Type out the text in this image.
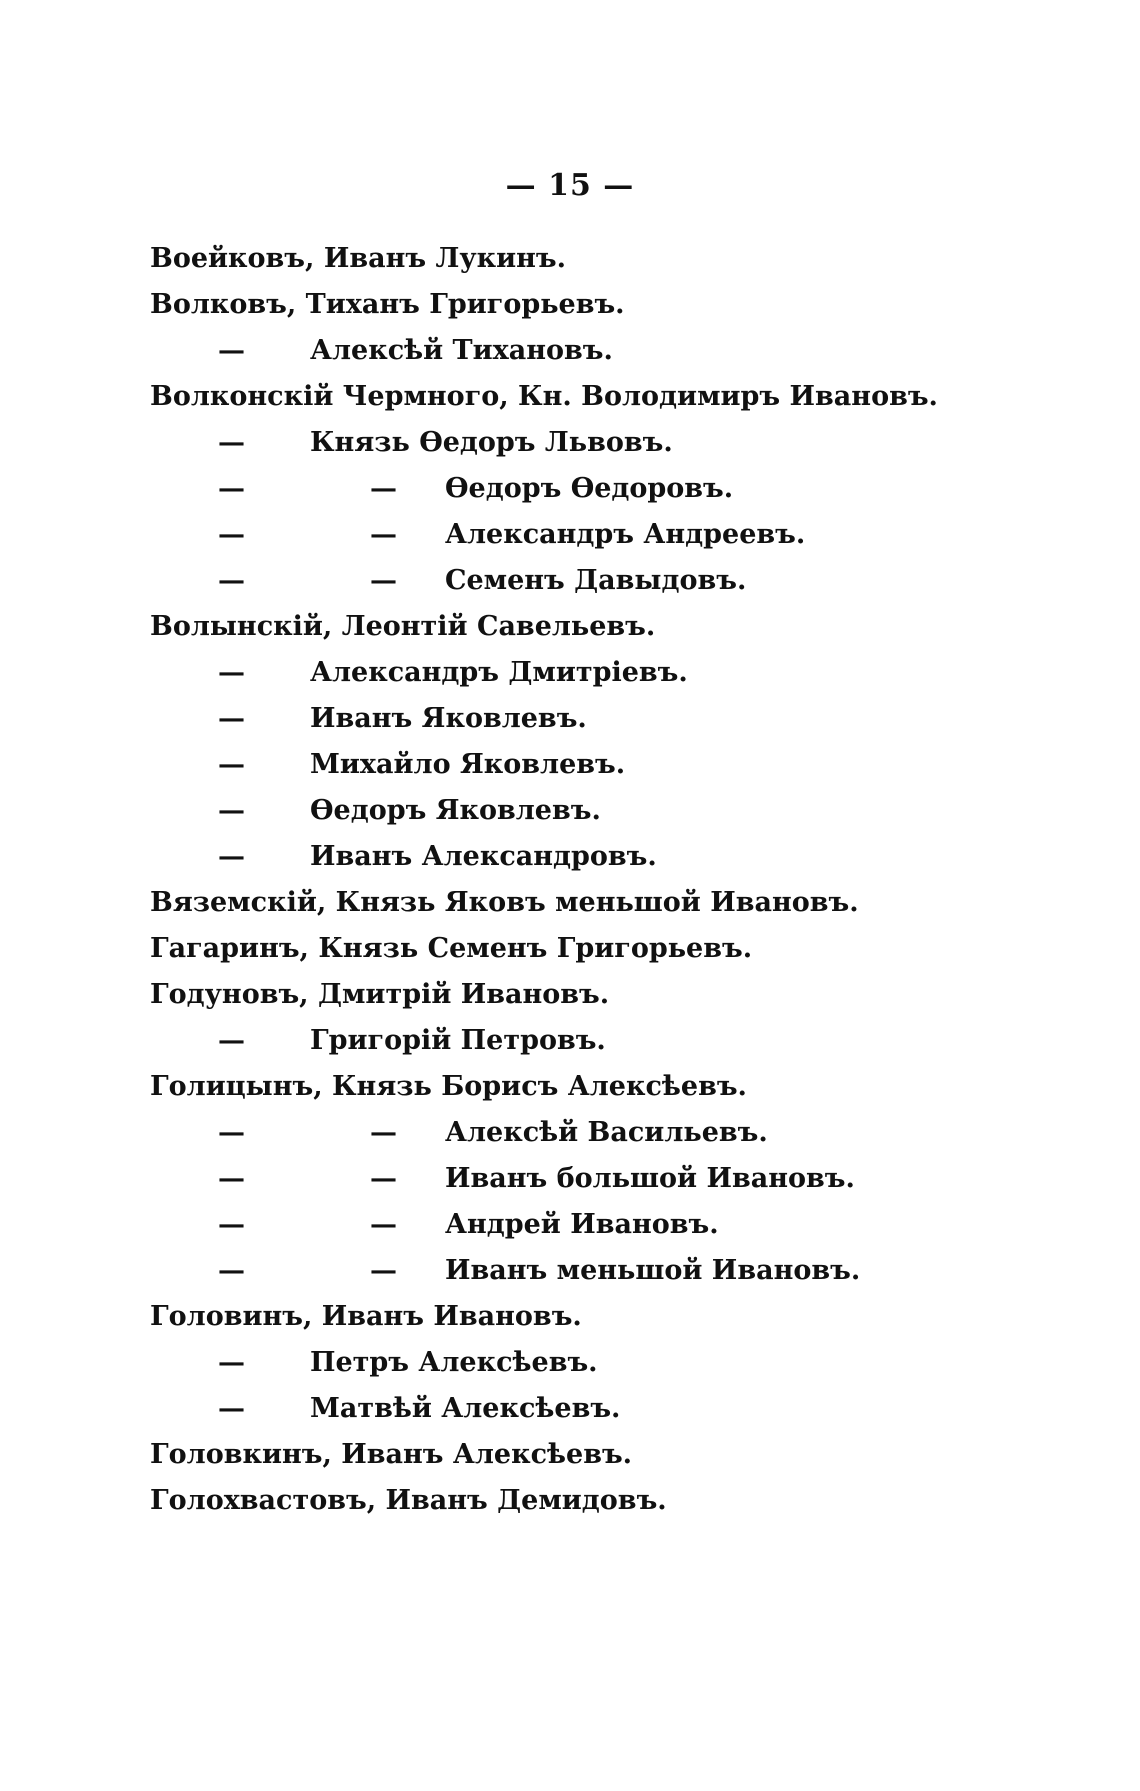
— 15 —
Воейковъ, Иванъ Лукинъ.
Волковъ, Тиханъ Григорьевъ.
— Алексѣй Тихановъ.
Волконскій Чермного, Кн. Володимиръ Ивановъ.
— Князь Ѳедоръ Львовъ.
—	— Ѳедоръ Ѳедоровъ.
—	— Александръ Андреевъ.
—	— Семенъ Давыдовъ.
Волынскій, Леонтій Савельевъ.
— Александръ Дмитріевъ.
— Иванъ Яковлевъ.
— Михайло Яковлевъ.
— Ѳедоръ Яковлевъ.
— Иванъ Александровъ.
Вяземскій, Князь Яковъ меньшой Ивановъ.
Гагаринъ, Князь Семенъ Григорьевъ.
Годуновъ, Дмитрій Ивановъ.
— Григорій Петровъ.
Голицынъ, Князь Борисъ Алексѣевъ.
—	— Алексѣй Васильевъ.
—	— Иванъ большой Ивановъ.
—	— Андрей Ивановъ.
—	— Иванъ меньшой Ивановъ.
Головинъ, Иванъ Ивановъ.
— Петръ Алексѣевъ.
— Матвѣй Алексѣевъ.
Головкинъ, Иванъ Алексѣевъ.
Голохвастовъ, Иванъ Демидовъ.
